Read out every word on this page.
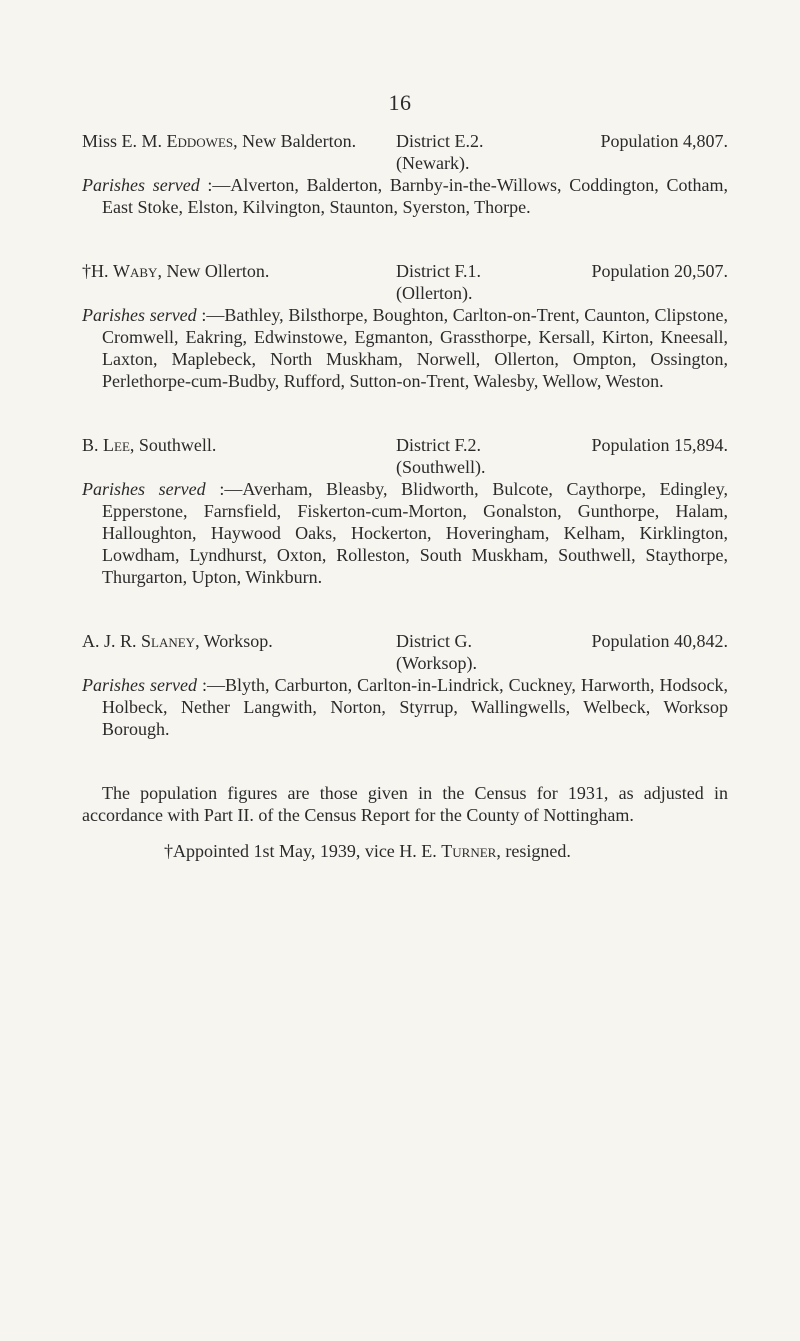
16
Miss E. M. Eddowes, New Balderton. District E.2.	Population 4,807.
(Newark).

Parishes served :—Alverton, Balderton, Barnby-in-the-Willows, Coddington, Cotham, East Stoke, Elston, Kilvington, Staunton, Syerston, Thorpe.

†H. Waby, New Ollerton.	District F.1.	Population 20,507.
(Ollerton).

Parishes served :—Bathley, Bilsthorpe, Boughton, Carlton-on-Trent, Caunton, Clipstone, Cromwell, Eakring, Edwinstowe, Egmanton, Grassthorpe, Kersall, Kirton, Kneesall, Laxton, Maplebeck, North Muskham, Norwell, Ollerton, Ompton, Ossington, Perlethorpe-cum-Budby, Rufford, Sutton-on-Trent, Walesby, Wellow, Weston.

B. Lee, Southwell.	District F.2.	Population 15,894.
(Southwell).

Parishes served :—Averham, Bleasby, Blidworth, Bulcote, Caythorpe, Edingley, Epperstone, Farnsfield, Fiskerton-cum-Morton, Gonalston, Gunthorpe, Halam, Halloughton, Haywood Oaks, Hockerton, Hoveringham, Kelham, Kirklington, Lowdham, Lyndhurst, Oxton, Rolleston, South Muskham, Southwell, Staythorpe, Thurgarton, Upton, Winkburn.

A. J. R. Slaney, Worksop.	District G.	Population 40,842.
(Worksop).

Parishes served :—Blyth, Carburton, Carlton-in-Lindrick, Cuckney, Harworth, Hodsock, Holbeck, Nether Langwith, Norton, Styrrup, Wallingwells, Welbeck, Worksop Borough.

The population figures are those given in the Census for 1931, as adjusted in accordance with Part II. of the Census Report for the County of Nottingham.

†Appointed 1st May, 1939, vice H. E. Turner, resigned.
